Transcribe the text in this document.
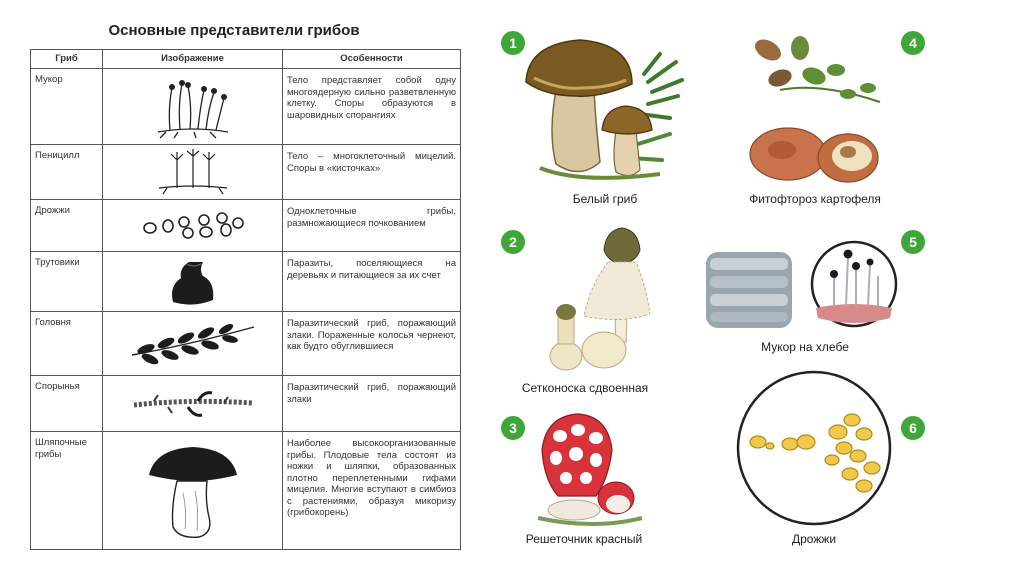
Основные представители грибов
Гриб	Изображение	Особенности
Мукор		Тело представляет собой одну многоядерную сильно разветвленную клетку. Споры образуются в шаровидных спорангиях
Пеницилл		Тело – многоклеточный мицелий. Споры в «кисточках»
Дрожжи		Одноклеточные грибы, размножающиеся почкованием
Трутовики		Паразиты, поселяющиеся на деревьях и питающиеся за их счет
Головня		Паразитический гриб, поражающий злаки. Пораженные колосья чернеют, как будто обуглившиеся
Спорынья		Паразитический гриб, поражающий злаки
Шляпочные грибы		Наиболее высокоорганизованные грибы. Плодовые тела состоят из ножки и шляпки, образованных плотно переплетенными гифами мицелия. Многие вступают в симбиоз с растениями, образуя микоризу (грибокорень)
1
Белый гриб
2
Сетконоска сдвоенная
3
Решеточник красный
4
Фитофтороз картофеля
5
Мукор на хлебе
6
Дрожжи
